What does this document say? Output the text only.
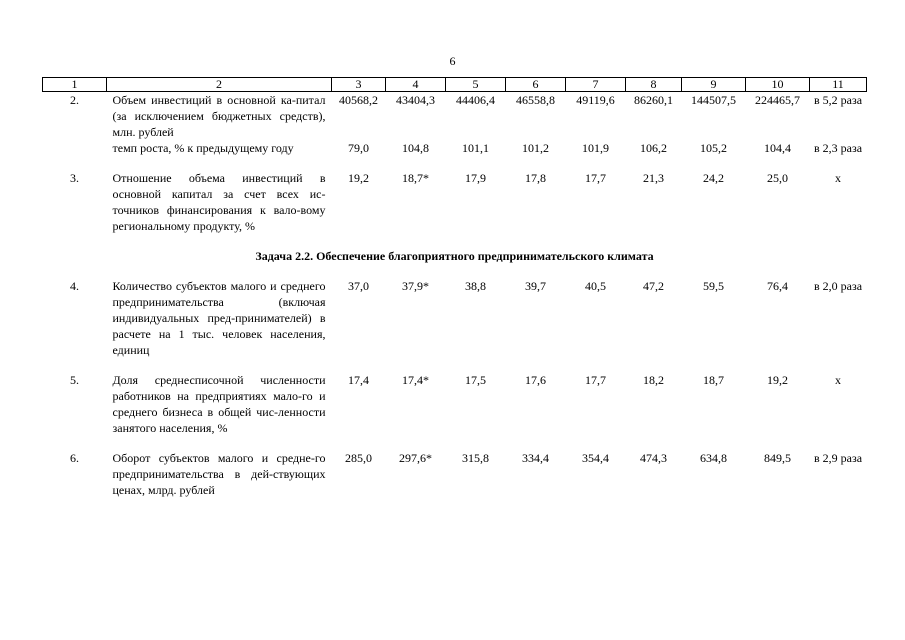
6
1	2	3	4	5	6	7	8	9	10	11
2.	Объем инвестиций в основной ка-питал (за исключением бюджетных средств), млн. рублей	40568,2	43404,3	44406,4	46558,8	49119,6	86260,1	144507,5	224465,7	в 5,2 раза
	темп роста, % к предыдущему году	79,0	104,8	101,1	101,2	101,9	106,2	105,2	104,4	в 2,3 раза

3.	Отношение объема инвестиций в основной капитал за счет всех ис-точников финансирования к вало-вому региональному продукту, %	19,2	18,7*	17,9	17,8	17,7	21,3	24,2	25,0	х

Задача 2.2. Обеспечение благоприятного предпринимательского климата										

4.	Количество субъектов малого и среднего предпринимательства (включая индивидуальных пред-принимателей) в расчете на 1 тыс. человек населения, единиц	37,0	37,9*	38,8	39,7	40,5	47,2	59,5	76,4	в 2,0 раза

5.	Доля среднесписочной численности работников на предприятиях мало-го и среднего бизнеса в общей чис-ленности занятого населения, %	17,4	17,4*	17,5	17,6	17,7	18,2	18,7	19,2	х

6.	Оборот субъектов малого и средне-го предпринимательства в дей-ствующих ценах, млрд. рублей	285,0	297,6*	315,8	334,4	354,4	474,3	634,8	849,5	в 2,9 раза
